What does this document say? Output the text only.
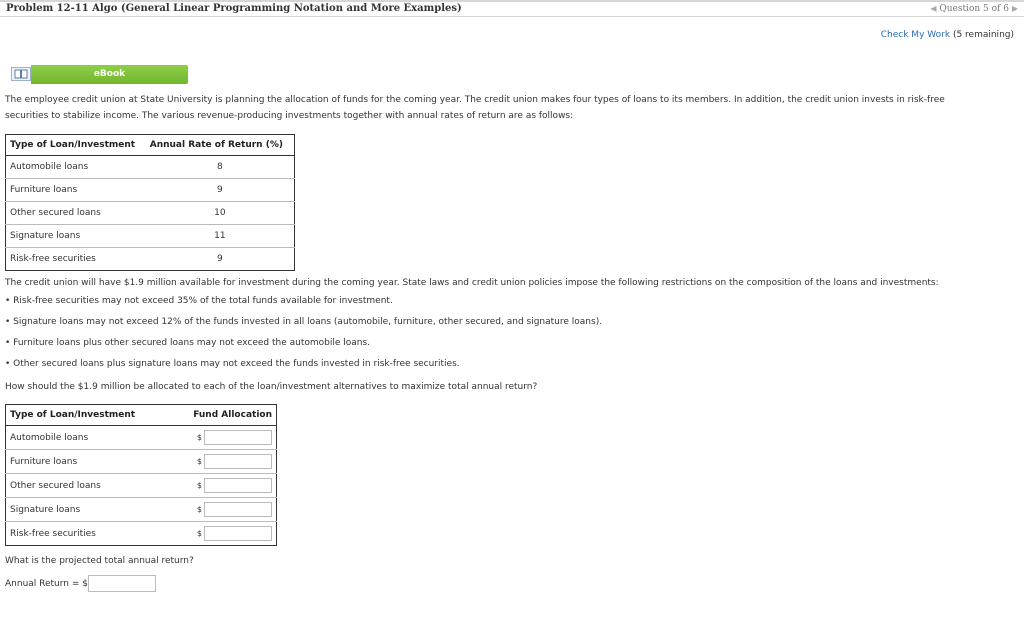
Problem 12-11 Algo (General Linear Programming Notation and More Examples)	◀ Question 5 of 6 ▶
Check My Work (5 remaining)
eBook
The employee credit union at State University is planning the allocation of funds for the coming year. The credit union makes four types of loans to its members. In addition, the credit union invests in risk-free
securities to stabilize income. The various revenue-producing investments together with annual rates of return are as follows:
Type of Loan/Investment	Annual Rate of Return (%)
Automobile loans	8
Furniture loans	9
Other secured loans	10
Signature loans	11
Risk-free securities	9
The credit union will have $1.9 million available for investment during the coming year. State laws and credit union policies impose the following restrictions on the composition of the loans and investments:
• Risk-free securities may not exceed 35% of the total funds available for investment.
• Signature loans may not exceed 12% of the funds invested in all loans (automobile, furniture, other secured, and signature loans).
• Furniture loans plus other secured loans may not exceed the automobile loans.
• Other secured loans plus signature loans may not exceed the funds invested in risk-free securities.
How should the $1.9 million be allocated to each of the loan/investment alternatives to maximize total annual return?
Type of Loan/Investment	Fund Allocation
Automobile loans	$
Furniture loans	$
Other secured loans	$
Signature loans	$
Risk-free securities	$
What is the projected total annual return?
Annual Return = $
